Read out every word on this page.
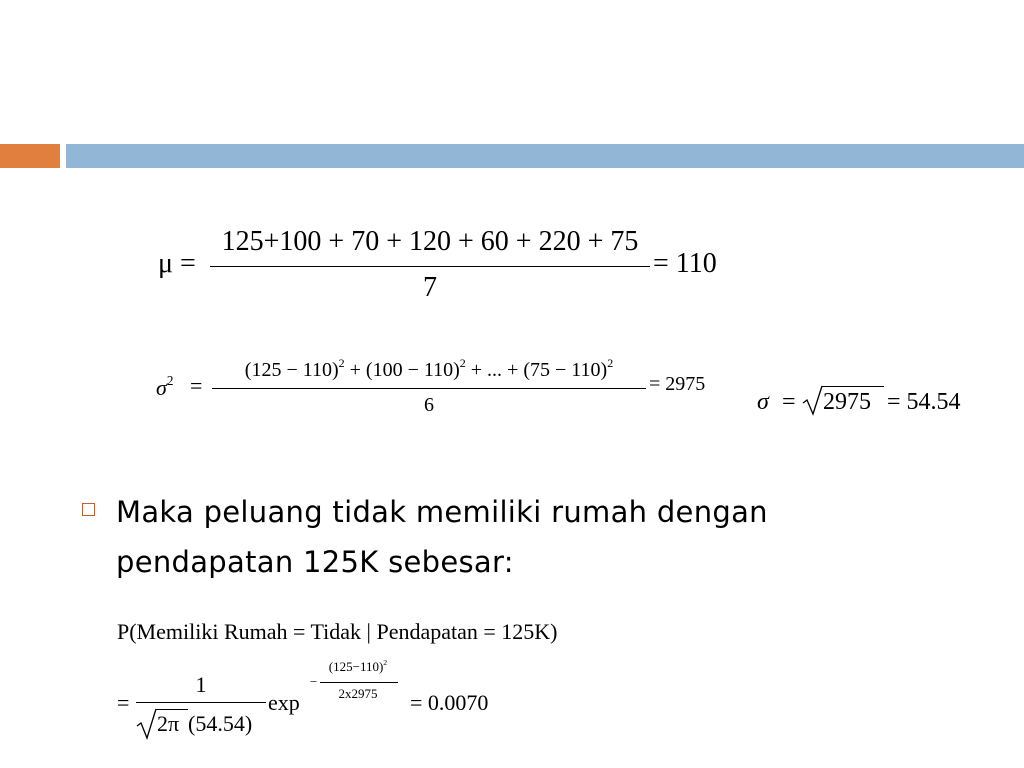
μ =
125+100 + 70 + 120 + 60 + 220 + 75
7
= 110
$\sigma^2$ =
$(125 - 110)^2 + (100 - 110)^2$ + ... + $(75 - 110)^2$
6
= 2975
σ = 2975 = 54.54
Maka peluang tidak memiliki rumah dengan pendapatan 125K sebesar:
P(Memiliki Rumah = Tidak | Pendapatan = 125K)
=
1
2π (54.54)
exp
−
$(125-110)^2$
2x2975	= 0.0070
